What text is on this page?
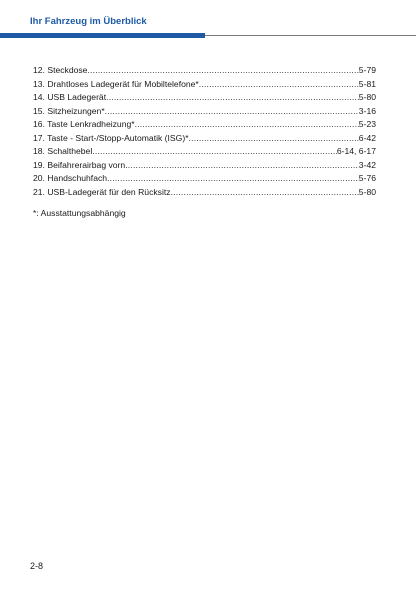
Ihr Fahrzeug im Überblick
12. Steckdose .....	5-79
13. Drahtloses Ladegerät für Mobiltelefone* .....	5-81
14. USB Ladegerät .....	5-80
15. Sitzheizungen* .....	3-16
16. Taste Lenkradheizung* .....	5-23
17. Taste - Start-/Stopp-Automatik (ISG)* .....	6-42
18. Schalthebel .....	6-14, 6-17
19. Beifahrerairbag vorn .....	3-42
20. Handschuhfach .....	5-76
21. USB-Ladegerät für den Rücksitz .....	5-80
*: Ausstattungsabhängig
2-8
